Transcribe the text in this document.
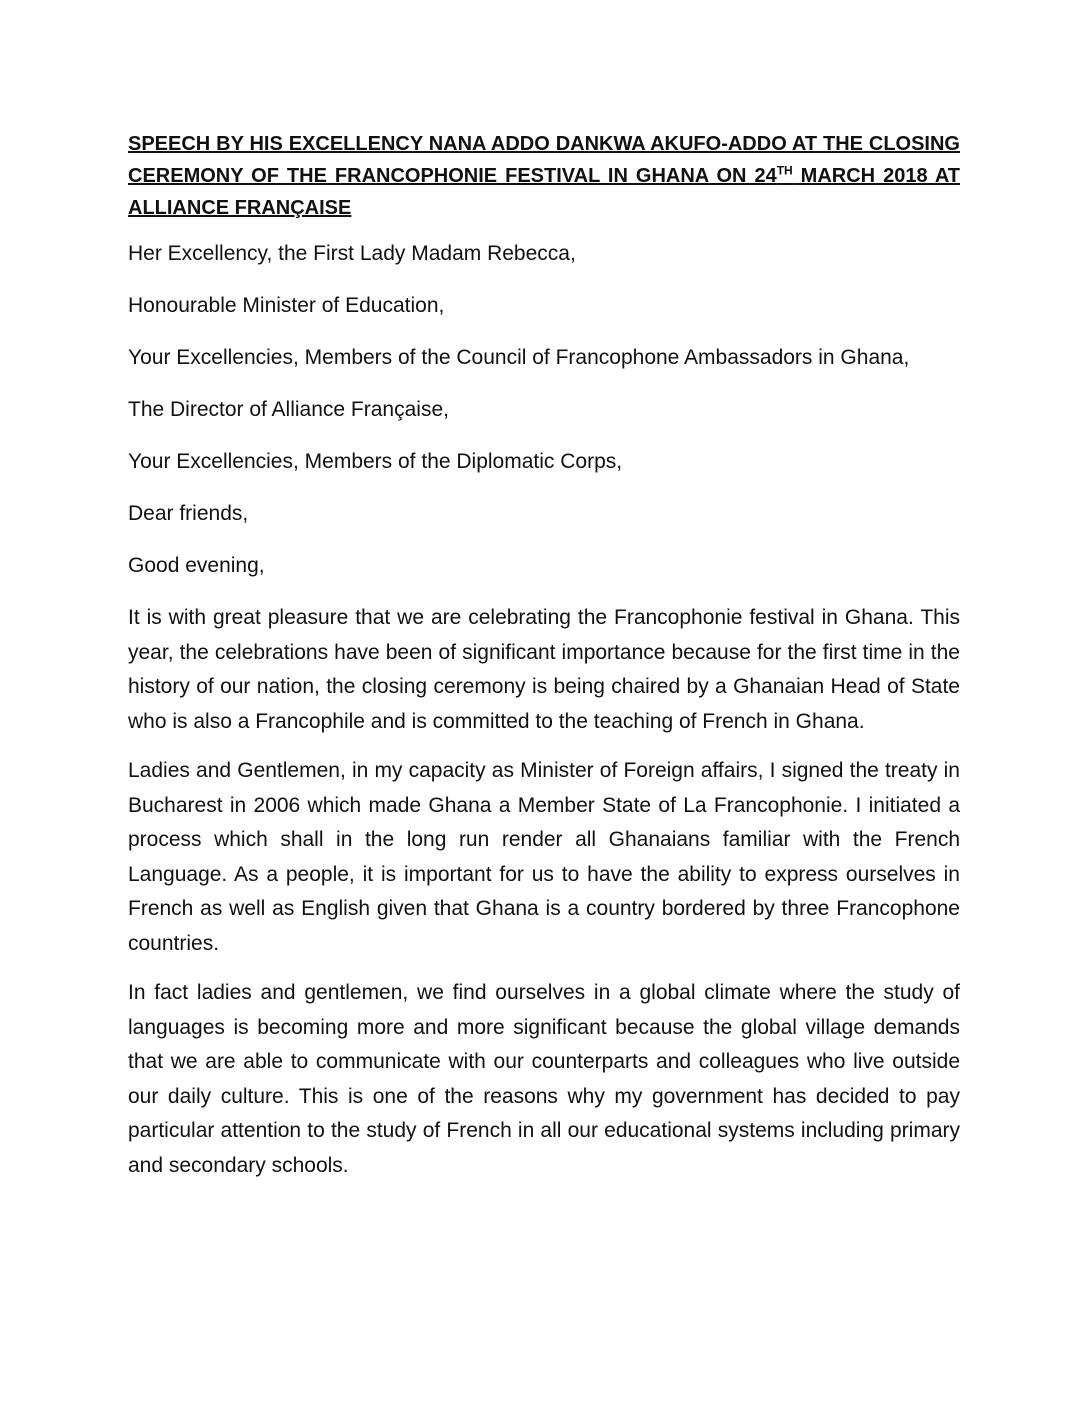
SPEECH BY HIS EXCELLENCY NANA ADDO DANKWA AKUFO-ADDO AT THE CLOSING CEREMONY OF THE FRANCOPHONIE FESTIVAL IN GHANA ON 24TH MARCH 2018 AT ALLIANCE FRANÇAISE

Her Excellency, the First Lady Madam Rebecca,

Honourable Minister of Education,

Your Excellencies, Members of the Council of Francophone Ambassadors in Ghana,

The Director of Alliance Française,

Your Excellencies, Members of the Diplomatic Corps,

Dear friends,

Good evening,

It is with great pleasure that we are celebrating the Francophonie festival in Ghana. This year, the celebrations have been of significant importance because for the first time in the history of our nation, the closing ceremony is being chaired by a Ghanaian Head of State who is also a Francophile and is committed to the teaching of French in Ghana.

Ladies and Gentlemen, in my capacity as Minister of Foreign affairs, I signed the treaty in Bucharest in 2006 which made Ghana a Member State of La Francophonie. I initiated a process which shall in the long run render all Ghanaians familiar with the French Language. As a people, it is important for us to have the ability to express ourselves in French as well as English given that Ghana is a country bordered by three Francophone countries.

In fact ladies and gentlemen, we find ourselves in a global climate where the study of languages is becoming more and more significant because the global village demands that we are able to communicate with our counterparts and colleagues who live outside our daily culture. This is one of the reasons why my government has decided to pay particular attention to the study of French in all our educational systems including primary and secondary schools.
